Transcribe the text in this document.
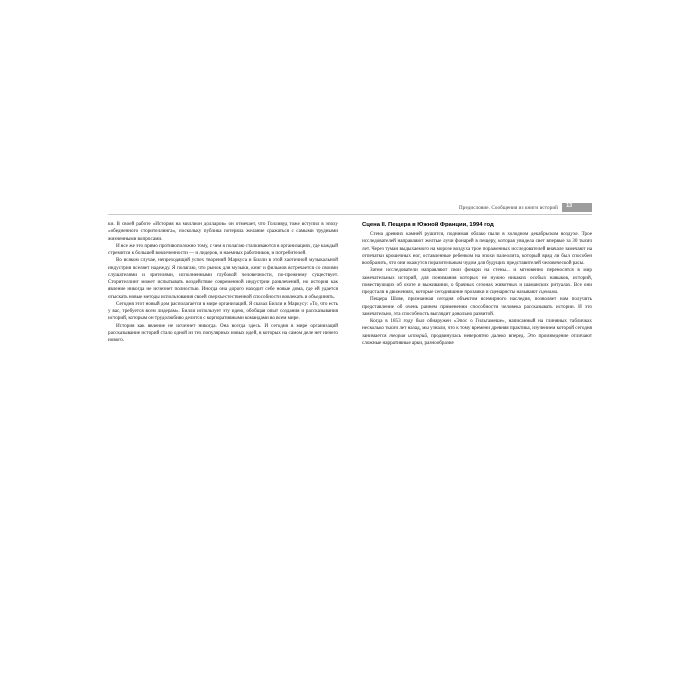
Предисловие. Сообщения из книги историй 13

ки. В своей работе «История на миллион долларов» он отмечает, что Голливуд тоже вступил в эпоху «обедненного сторителлинга», поскольку публика потеряла желание сражаться с самыми трудными жизненными вопросами.

И все же это прямо противоположно тому, с чем я полагаю сталкиваются в организациях, где каждый стремится к большей вовлеченности — и лидеров, и наемных работников, и потребителей.

Во всяком случае, непреходящий успех творений Маркуса и Билли в этой хаотичной музыкальной индустрии вселяет надежду. Я полагаю, что рынок для музыки, книг и фильмов встречается со своими слушателями и зрителями, исполненными глубокой человечности, по-прежнему существует. Сторителлинг может испытывать воздействие современной индустрии развлечений, но история как явление никогда не исчезнет полностью. Иногда она дорого находит себе новые дома, где ей удается отыскать новые методы использования своей сверхъестественной способности вовлекать и объединять.

Сегодня этот новый дом располагается в мире организаций. Я сказал Билли и Маркусу: «То, что есть у вас, требуется всем лидерам». Билли использует эту идею, обобщая опыт создания и рассказывания историй, которым он трудолюбиво делится с корпоративными командами во всем мире.

История как явление не исчезнет никогда. Она всегда здесь. И сегодня в мире организаций рассказывание историй стало одной из тех популярных новых идей, в которых на самом деле нет ничего нового.

Сцена II. Пещера в Южной Франции, 1994 год

Стена древних камней рушится, поднимая облако пыли в холодном декабрьском воздухе. Трое исследователей направляют желтые лучи фонарей в пещеру, которая увидела свет впервые за 30 тысяч лет. Через туман выдыхаемого на морозе воздуха трое пораженных исследователей вначале замечают на отпечатки крошечных ног, оставленные ребенком на эпохи палеолита, который вряд ли был способен вообразить, что они окажутся поразительным чудом для будущих представителей человеческой расы.

Затем исследователи направляют свои фонари на стены... и мгновенно переносятся в мир замечательных историй, для понимания которых не нужно никаких особых навыков, историй, повествующих об охоте и выживании, о брачных сезонах животных и шаманских ритуалах. Все они предстали в движениях, которые сегодняшние прозаики и сценаристы называют сценами.

Пещера Шове, признанная сегодня объектом всемирного наследия, позволяет нам получить представление об очень раннем применении способности человека рассказывать истории. И это замечательно, эта способность выглядит довольно развитой.

Когда в 1853 году был обнаружен «Эпос о Гильгамеше», написанный на глиняных табличках несколько тысяч лет назад, мы узнали, что к тому времени древняя практика, изучением которой сегодня занимается теория историй, продвинулась невероятно далеко вперед. Это произведение отличают сложные нарративные арки, разнообразие
